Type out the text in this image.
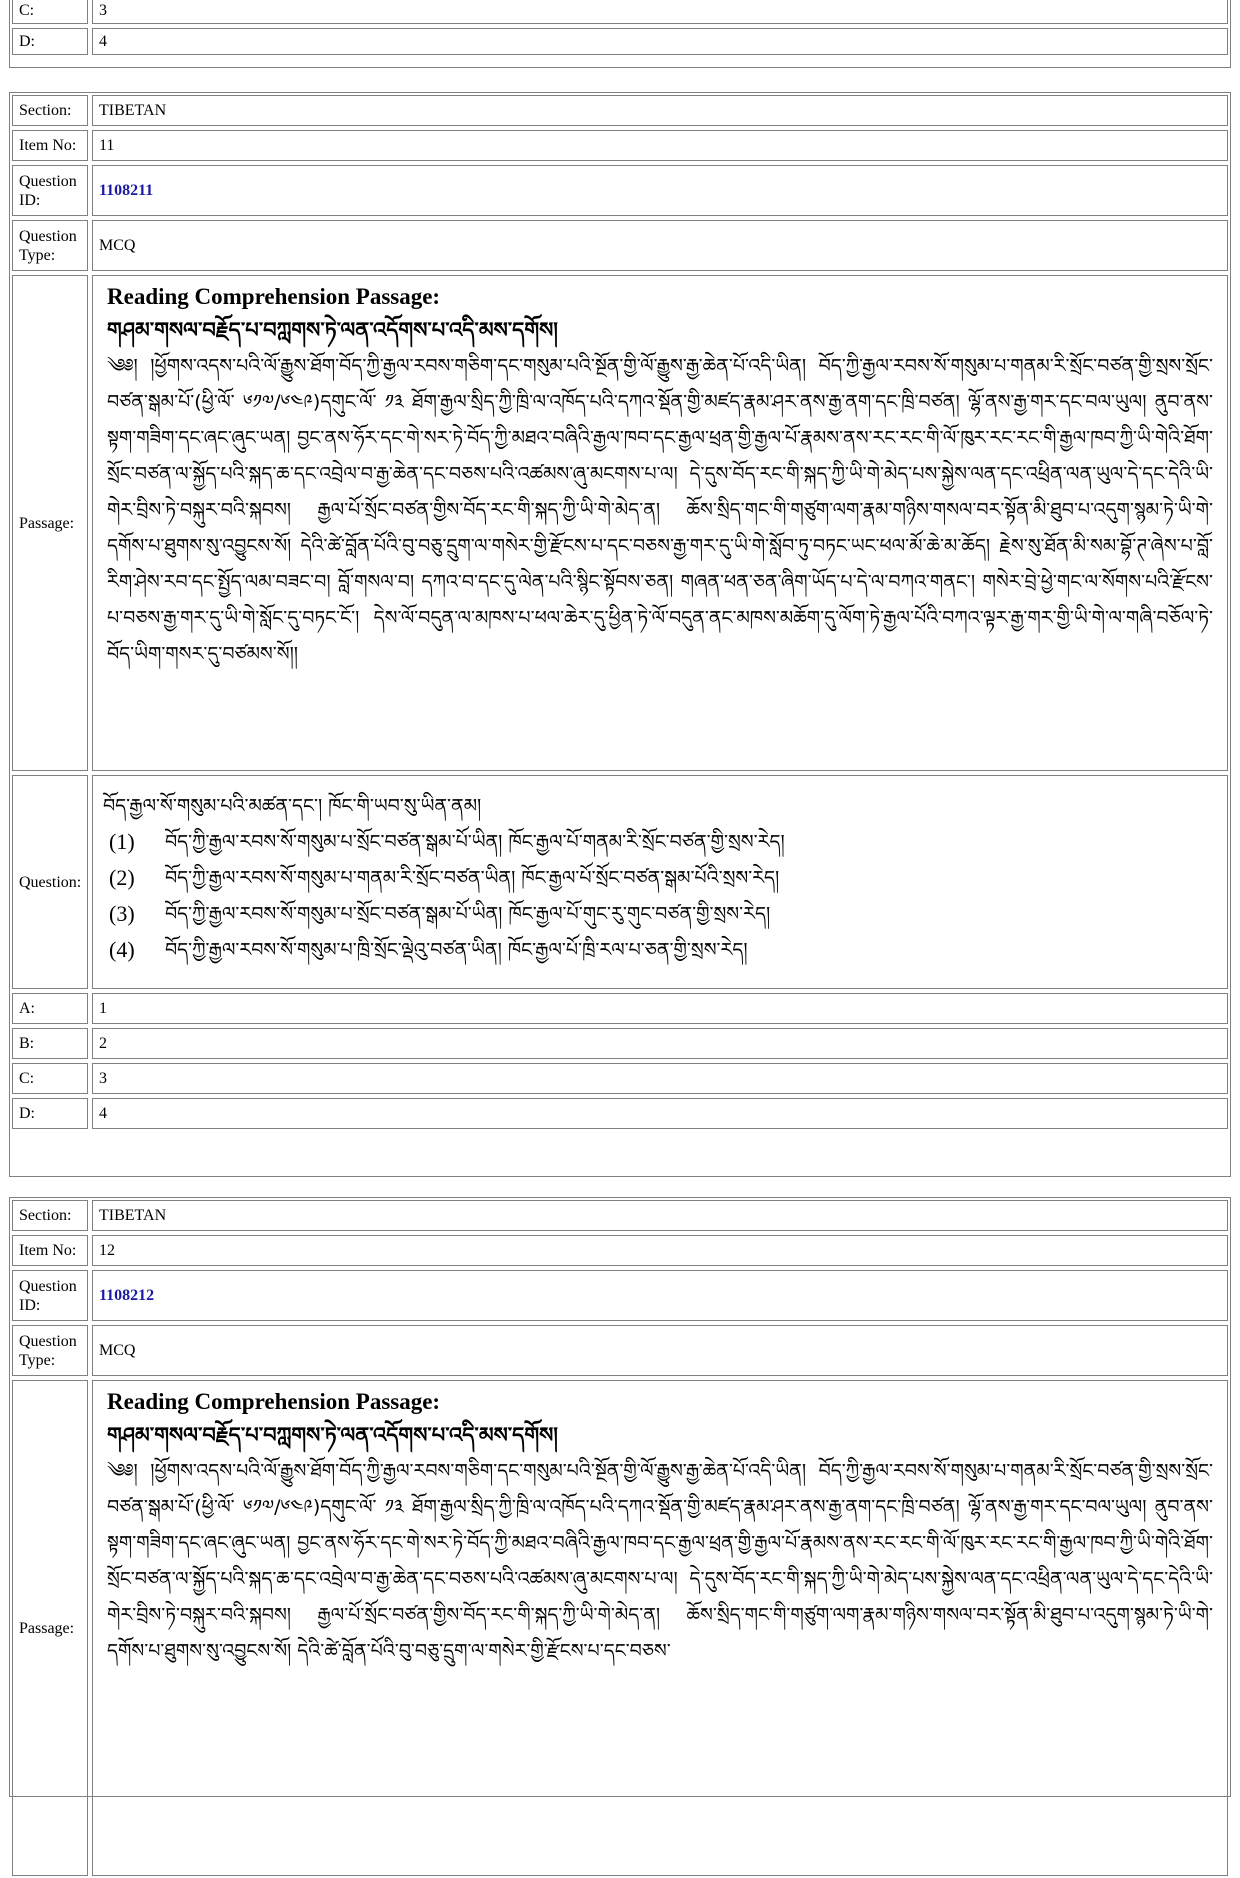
C:	3
D:	4
Section:	TIBETAN
Item No:	11
Question ID:
1108211
Question Type:
MCQ
Passage:

Reading Comprehension Passage:

གཤམ་གསལ་བརྗོད་པ་བཀླགས་ཏེ་ལན་འདོགས་པ་འདི་མས་དགོས།

༄༅། །ཕྱོགས་འདས་པའི་ལོ་རྒྱུས་ཐོག་བོད་ཀྱི་རྒྱལ་རབས་གཅིག་དང་གསུམ་པའི་སྔོན་གྱི་ལོ་རྒྱུས་རྒྱ་ཆེན་པོ་འདི་ཡིན། བོད་ཀྱི་རྒྱལ་རབས་སོ་གསུམ་པ་གནམ་རི་སྲོང་བཙན་གྱི་སྲས་སྲོང་བཙན་སྒམ་པོ་(ཕྱི་ལོ་ ༦༡༧/༦༤༩)དགུང་ལོ་ ༡༣ ཐོག་རྒྱལ་སྲིད་ཀྱི་ཁྲི་ལ་འཁོད་པའི་དཀའ་སྡོན་གྱི་མཛད་རྣམ་ཤར་ནས་རྒྱ་ནག་དང་ཁྲི་བཙན། ལྷོ་ནས་རྒྱ་གར་དང་བལ་ཡུལ། ནུབ་ནས་སྟག་གཟིག་དང་ཞང་ཞུང་ཡན། བྱང་ནས་ཧོར་དང་གེ་སར་ཏེ་བོད་ཀྱི་མཐའ་བཞིའི་རྒྱལ་ཁབ་དང་རྒྱལ་ཕྲན་གྱི་རྒྱལ་པོ་རྣམས་ནས་རང་རང་གི་ལོ་ཁུར་རང་རང་གི་རྒྱལ་ཁབ་ཀྱི་ཡི་གེའི་ཐོག་སྲོང་བཙན་ལ་སྐྱོད་པའི་སྐད་ཆ་དང་འབྲེལ་བ་རྒྱ་ཆེན་དང་བཅས་པའི་འཚམས་ཞུ་མངགས་པ་ལ། དེ་དུས་བོད་རང་གི་སྐད་ཀྱི་ཡི་གེ་མེད་པས་སྐྱེས་ལན་དང་འཕྲིན་ལན་ཡུལ་དེ་དང་དེའི་ཡི་གེར་བྲིས་ཏེ་བསྐུར་བའི་སྐབས། རྒྱལ་པོ་སྲོང་བཙན་གྱིས་བོད་རང་གི་སྐད་ཀྱི་ཡི་གེ་མེད་ན། ཆོས་སྲིད་གང་གི་གཙུག་ལག་རྣམ་གཉིས་གསལ་བར་སྟོན་མི་ཐུབ་པ་འདུག་སྙམ་ཏེ་ཡི་གེ་དགོས་པ་ཐུགས་སུ་འབྱུངས་སོ། དེའི་ཚེ་བློན་པོའི་བུ་བཅུ་དྲུག་ལ་གསེར་གྱི་རྫོངས་པ་དང་བཅས་རྒྱ་གར་དུ་ཡི་གེ་སློབ་ཏུ་བཏང་ཡང་ཕལ་མོ་ཆེ་མ་ཆོད། རྗེས་སུ་ཐོན་མི་སམ་བྷོ་ཊ་ཞེས་པ་བློ་རིག་ཤེས་རབ་དང་སྤྱོད་ལམ་བཟང་བ། བློ་གསལ་བ། དཀའ་བ་དང་དུ་ལེན་པའི་སྙིང་སྟོབས་ཅན། གཞན་ཕན་ཅན་ཞིག་ཡོད་པ་དེ་ལ་བཀའ་གནང་། གསེར་བྲེ་ཕྱེ་གང་ལ་སོགས་པའི་རྫོངས་པ་བཅས་རྒྱ་གར་དུ་ཡི་གེ་སློང་དུ་བཏང་ངོ་། དེས་ལོ་བདུན་ལ་མཁས་པ་ཕལ་ཆེར་དུ་ཕྱིན་ཏེ་ལོ་བདུན་ནང་མཁས་མཆོག་དུ་ལོག་ཏེ་རྒྱལ་པོའི་བཀའ་ལྟར་རྒྱ་གར་གྱི་ཡི་གེ་ལ་གཞི་བཅོལ་ཏེ་བོད་ཡིག་གསར་དུ་བཙམས་སོ།།

Question:

བོད་རྒྱལ་སོ་གསུམ་པའི་མཚན་དང་། ཁོང་གི་ཡབ་སུ་ཡིན་ནམ།

(1)	བོད་ཀྱི་རྒྱལ་རབས་སོ་གསུམ་པ་སྲོང་བཙན་སྒམ་པོ་ཡིན། ཁོང་རྒྱལ་པོ་གནམ་རི་སྲོང་བཙན་གྱི་སྲས་རེད།
(2)	བོད་ཀྱི་རྒྱལ་རབས་སོ་གསུམ་པ་གནམ་རི་སྲོང་བཙན་ཡིན། ཁོང་རྒྱལ་པོ་སྲོང་བཙན་སྒམ་པོའི་སྲས་རེད།
(3)	བོད་ཀྱི་རྒྱལ་རབས་སོ་གསུམ་པ་སྲོང་བཙན་སྒམ་པོ་ཡིན། ཁོང་རྒྱལ་པོ་གུང་རུ་གུང་བཙན་གྱི་སྲས་རེད།
(4)	བོད་ཀྱི་རྒྱལ་རབས་སོ་གསུམ་པ་ཁྲི་སྲོང་ལྡེའུ་བཙན་ཡིན། ཁོང་རྒྱལ་པོ་ཁྲི་རལ་པ་ཅན་གྱི་སྲས་རེད།
A:	1
B:	2
C:	3
D:	4
Section:	TIBETAN
Item No:	12
Question ID:
1108212
Question Type:
MCQ
Passage:

Reading Comprehension Passage:

གཤམ་གསལ་བརྗོད་པ་བཀླགས་ཏེ་ལན་འདོགས་པ་འདི་མས་དགོས།

༄༅། །ཕྱོགས་འདས་པའི་ལོ་རྒྱུས་ཐོག་བོད་ཀྱི་རྒྱལ་རབས་གཅིག་དང་གསུམ་པའི་སྔོན་གྱི་ལོ་རྒྱུས་རྒྱ་ཆེན་པོ་འདི་ཡིན། བོད་ཀྱི་རྒྱལ་རབས་སོ་གསུམ་པ་གནམ་རི་སྲོང་བཙན་གྱི་སྲས་སྲོང་བཙན་སྒམ་པོ་(ཕྱི་ལོ་ ༦༡༧/༦༤༩)དགུང་ལོ་ ༡༣ ཐོག་རྒྱལ་སྲིད་ཀྱི་ཁྲི་ལ་འཁོད་པའི་དཀའ་སྡོན་གྱི་མཛད་རྣམ་ཤར་ནས་རྒྱ་ནག་དང་ཁྲི་བཙན། ལྷོ་ནས་རྒྱ་གར་དང་བལ་ཡུལ། ནུབ་ནས་སྟག་གཟིག་དང་ཞང་ཞུང་ཡན། བྱང་ནས་ཧོར་དང་གེ་སར་ཏེ་བོད་ཀྱི་མཐའ་བཞིའི་རྒྱལ་ཁབ་དང་རྒྱལ་ཕྲན་གྱི་རྒྱལ་པོ་རྣམས་ནས་རང་རང་གི་ལོ་ཁུར་རང་རང་གི་རྒྱལ་ཁབ་ཀྱི་ཡི་གེའི་ཐོག་སྲོང་བཙན་ལ་སྐྱོད་པའི་སྐད་ཆ་དང་འབྲེལ་བ་རྒྱ་ཆེན་དང་བཅས་པའི་འཚམས་ཞུ་མངགས་པ་ལ། དེ་དུས་བོད་རང་གི་སྐད་ཀྱི་ཡི་གེ་མེད་པས་སྐྱེས་ལན་དང་འཕྲིན་ལན་ཡུལ་དེ་དང་དེའི་ཡི་གེར་བྲིས་ཏེ་བསྐུར་བའི་སྐབས། རྒྱལ་པོ་སྲོང་བཙན་གྱིས་བོད་རང་གི་སྐད་ཀྱི་ཡི་གེ་མེད་ན། ཆོས་སྲིད་གང་གི་གཙུག་ལག་རྣམ་གཉིས་གསལ་བར་སྟོན་མི་ཐུབ་པ་འདུག་སྙམ་ཏེ་ཡི་གེ་དགོས་པ་ཐུགས་སུ་འབྱུངས་སོ། དེའི་ཚེ་བློན་པོའི་བུ་བཅུ་དྲུག་ལ་གསེར་གྱི་རྫོངས་པ་དང་བཅས་
